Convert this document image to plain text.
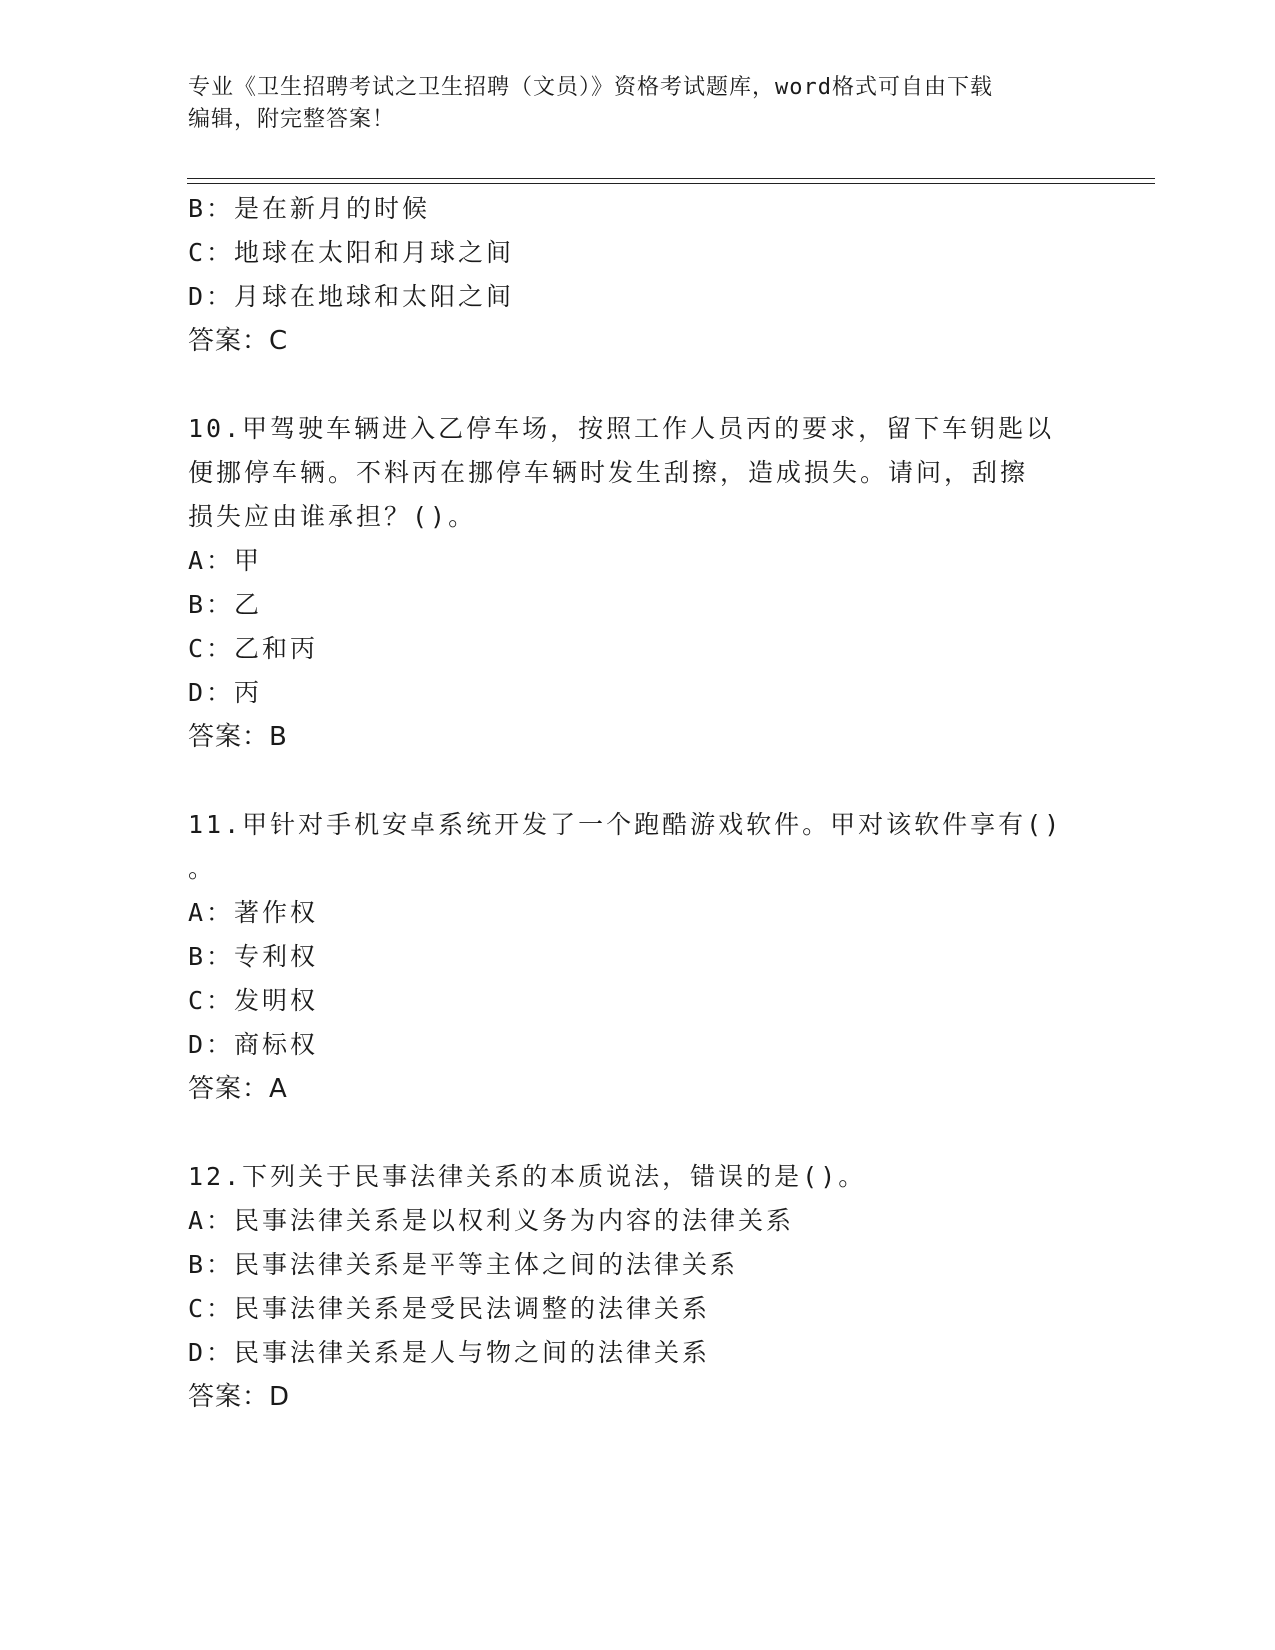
专业《卫生招聘考试之卫生招聘（文员）》资格考试题库，word格式可自由下载
编辑，附完整答案！
B：是在新月的时候
C：地球在太阳和月球之间
D：月球在地球和太阳之间
答案：C
10.甲驾驶车辆进入乙停车场，按照工作人员丙的要求，留下车钥匙以
便挪停车辆。不料丙在挪停车辆时发生刮擦，造成损失。请问，刮擦
损失应由谁承担？()。
A：甲
B：乙
C：乙和丙
D：丙
答案：B
11.甲针对手机安卓系统开发了一个跑酷游戏软件。甲对该软件享有()
。
A：著作权
B：专利权
C：发明权
D：商标权
答案：A
12.下列关于民事法律关系的本质说法，错误的是()。
A：民事法律关系是以权利义务为内容的法律关系
B：民事法律关系是平等主体之间的法律关系
C：民事法律关系是受民法调整的法律关系
D：民事法律关系是人与物之间的法律关系
答案：D
